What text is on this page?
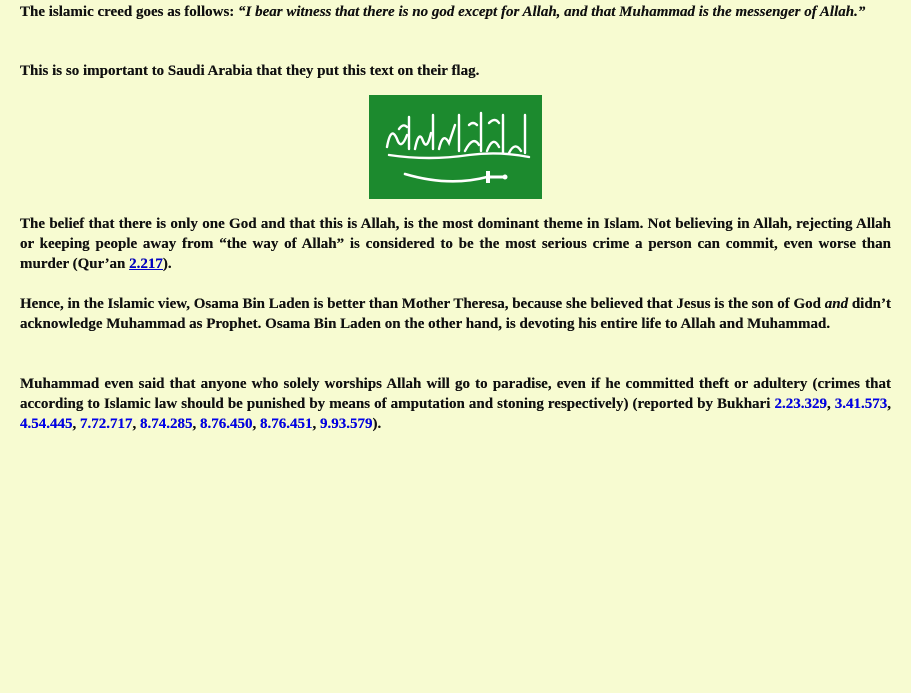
The islamic creed goes as follows: “I bear witness that there is no god except for Allah, and that Muhammad is the messenger of Allah.”

This is so important to Saudi Arabia that they put this text on their flag.

The belief that there is only one God and that this is Allah, is the most dominant theme in Islam. Not believing in Allah, rejecting Allah or keeping people away from “the way of Allah” is considered to be the most serious crime a person can commit, even worse than murder (Qur’an 2.217).

Hence, in the Islamic view, Osama Bin Laden is better than Mother Theresa, because she believed that Jesus is the son of God and didn’t acknowledge Muhammad as Prophet. Osama Bin Laden on the other hand, is devoting his entire life to Allah and Muhammad.

Muhammad even said that anyone who solely worships Allah will go to paradise, even if he committed theft or adultery (crimes that according to Islamic law should be punished by means of amputation and stoning respectively) (reported by Bukhari 2.23.329, 3.41.573, 4.54.445, 7.72.717, 8.74.285, 8.76.450, 8.76.451, 9.93.579).
